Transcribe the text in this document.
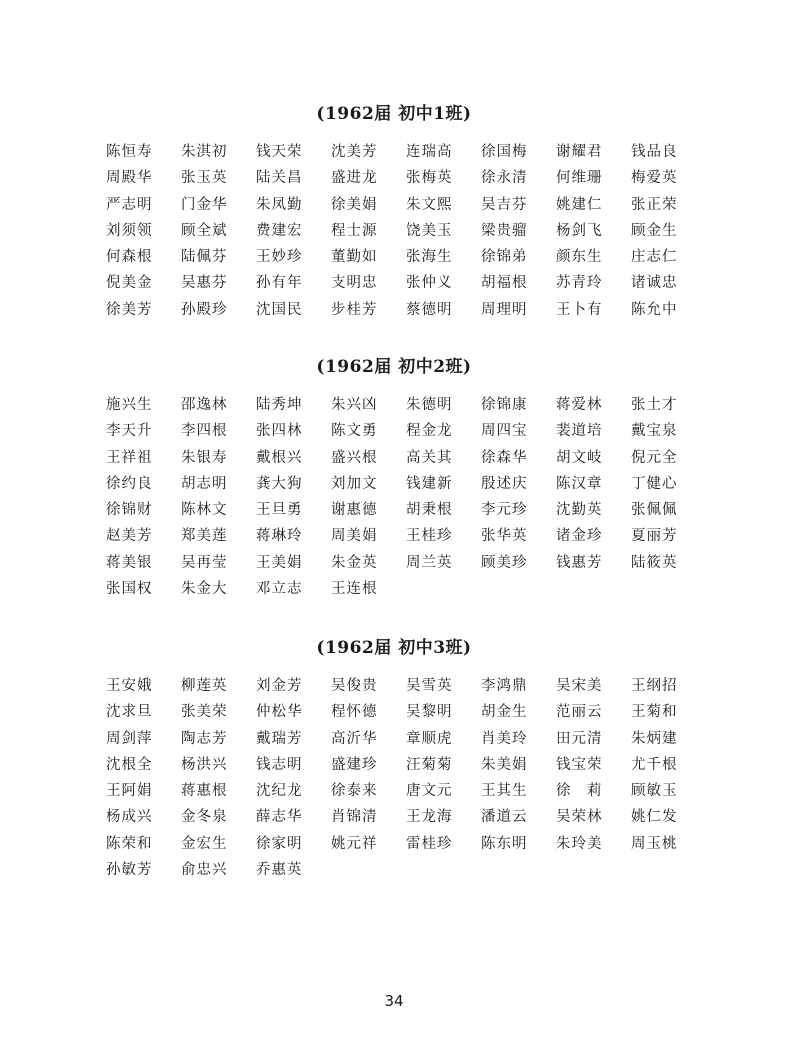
(1962届 初中1班)
陈恒寿	朱淇初	钱天荣	沈美芳	连瑞高	徐国梅	谢耀君	钱品良
周殿华	张玉英	陆关昌	盛进龙	张梅英	徐永清	何维珊	梅爱英
严志明	门金华	朱凤勤	徐美娟	朱文熙	吴吉芬	姚建仁	张正荣
刘须领	顾全斌	费建宏	程士源	饶美玉	梁贵骝	杨剑飞	顾金生
何森根	陆佩芬	王妙珍	董勤如	张海生	徐锦弟	颜东生	庄志仁
倪美金	吴惠芬	孙有年	支明忠	张仲义	胡福根	苏青玲	诸诚忠
徐美芳	孙殿珍	沈国民	步桂芳	蔡德明	周理明	王卜有	陈允中
(1962届 初中2班)
施兴生	邵逸林	陆秀坤	朱兴凶	朱德明	徐锦康	蒋爱林	张土才
李天升	李四根	张四林	陈文勇	程金龙	周四宝	裴道培	戴宝泉
王祥祖	朱银寿	戴根兴	盛兴根	高关其	徐森华	胡文岐	倪元全
徐约良	胡志明	龚大狗	刘加文	钱建新	殷述庆	陈汉章	丁健心
徐锦财	陈林文	王旦勇	谢惠德	胡秉根	李元珍	沈勤英	张佩佩
赵美芳	郑美莲	蒋琳玲	周美娟	王桂珍	张华英	诸金珍	夏丽芳
蒋美银	吴再莹	王美娟	朱金英	周兰英	顾美珍	钱惠芳	陆筱英
张国权	朱金大	邓立志	王连根
(1962届 初中3班)
王安娥	柳莲英	刘金芳	吴俊贵	吴雪英	李鸿鼎	吴宋美	王纲招
沈求旦	张美荣	仲松华	程怀德	吴黎明	胡金生	范丽云	王菊和
周剑萍	陶志芳	戴瑞芳	高沂华	章顺虎	肖美玲	田元清	朱炳建
沈根全	杨洪兴	钱志明	盛建珍	汪菊菊	朱美娟	钱宝荣	尤千根
王阿娟	蒋惠根	沈纪龙	徐泰来	唐文元	王其生	徐　莉	顾敏玉
杨成兴	金冬泉	薛志华	肖锦清	王龙海	潘道云	吴荣林	姚仁发
陈荣和	金宏生	徐家明	姚元祥	雷桂珍	陈东明	朱玲美	周玉桃
孙敏芳	俞忠兴	乔惠英
34
